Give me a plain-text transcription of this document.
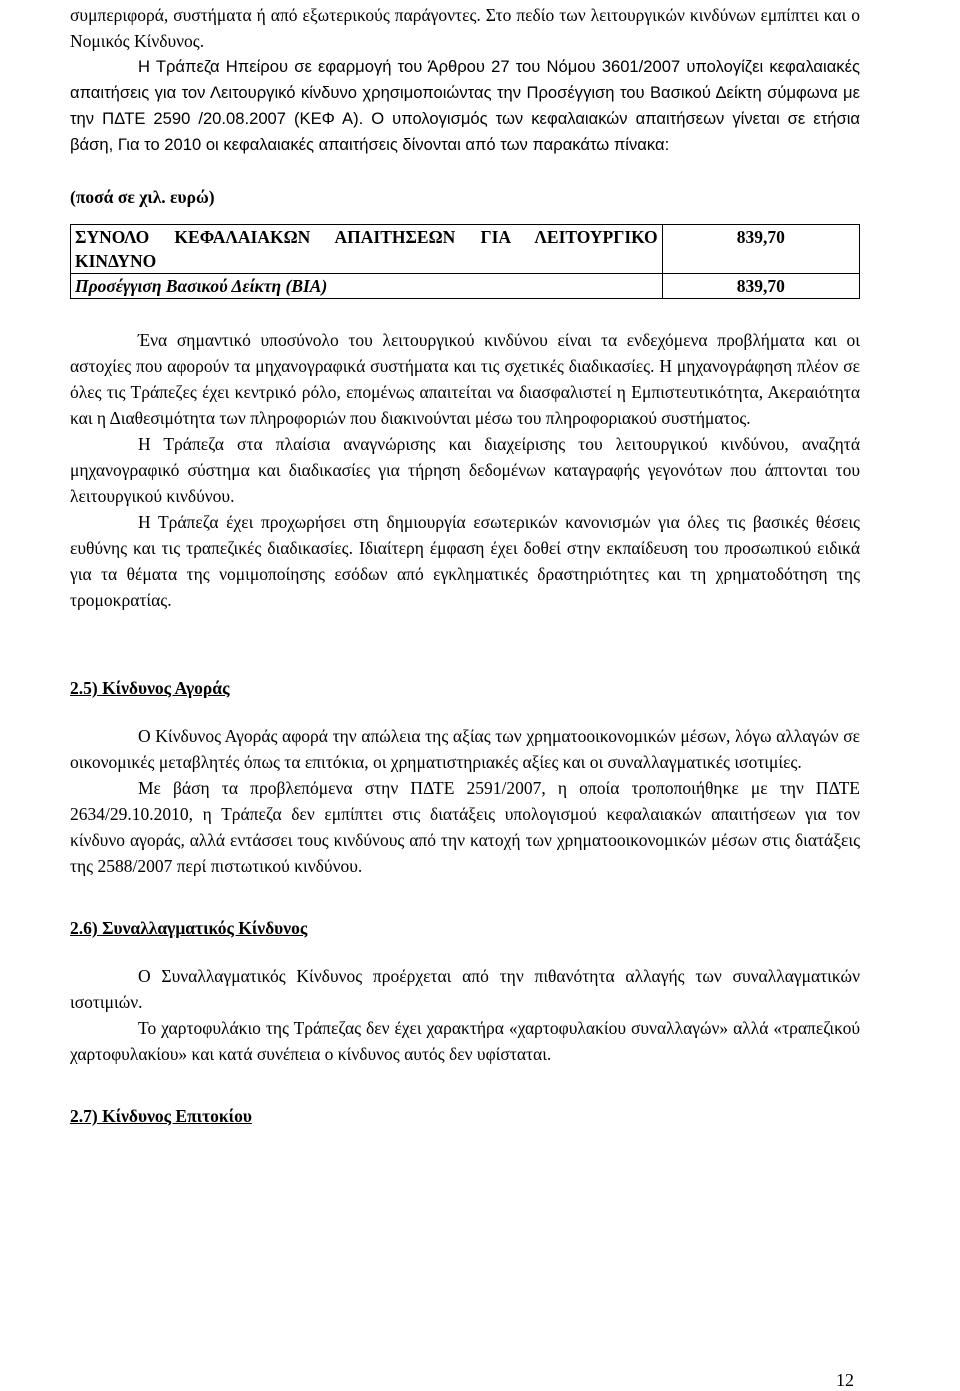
συμπεριφορά, συστήματα ή από εξωτερικούς παράγοντες. Στο πεδίο των λειτουργικών κινδύνων εμπίπτει και ο Νομικός Κίνδυνος.

Η Τράπεζα Ηπείρου σε εφαρμογή του Άρθρου 27 του Νόμου 3601/2007 υπολογίζει κεφαλαιακές απαιτήσεις για τον Λειτουργικό κίνδυνο χρησιμοποιώντας την Προσέγγιση του Βασικού Δείκτη σύμφωνα με την ΠΔΤΕ 2590 /20.08.2007 (ΚΕΦ Α). Ο υπολογισμός των κεφαλαιακών απαιτήσεων γίνεται σε ετήσια βάση, Για το 2010 οι κεφαλαιακές απαιτήσεις δίνονται από των παρακάτω πίνακα:

(ποσά σε χιλ. ευρώ)
ΣΥΝΟΛΟ ΚΕΦΑΛΑΙΑΚΩΝ ΑΠΑΙΤΗΣΕΩΝ ΓΙΑ ΛΕΙΤΟΥΡΓΙΚΟ ΚΙΝΔΥΝΟ	839,70
Προσέγγιση Βασικού Δείκτη (ΒΙΑ)	839,70

Ένα σημαντικό υποσύνολο του λειτουργικού κινδύνου είναι τα ενδεχόμενα προβλήματα και οι αστοχίες που αφορούν τα μηχανογραφικά συστήματα και τις σχετικές διαδικασίες. Η μηχανογράφηση πλέον σε όλες τις Τράπεζες έχει κεντρικό ρόλο, επομένως απαιτείται να διασφαλιστεί η Εμπιστευτικότητα, Ακεραιότητα και η Διαθεσιμότητα των πληροφοριών που διακινούνται μέσω του πληροφοριακού συστήματος.

Η Τράπεζα στα πλαίσια αναγνώρισης και διαχείρισης του λειτουργικού κινδύνου, αναζητά μηχανογραφικό σύστημα και διαδικασίες για τήρηση δεδομένων καταγραφής γεγονότων που άπτονται του λειτουργικού κινδύνου.

Η Τράπεζα έχει προχωρήσει στη δημιουργία εσωτερικών κανονισμών για όλες τις βασικές θέσεις ευθύνης και τις τραπεζικές διαδικασίες. Ιδιαίτερη έμφαση έχει δοθεί στην εκπαίδευση του προσωπικού ειδικά για τα θέματα της νομιμοποίησης εσόδων από εγκληματικές δραστηριότητες και τη χρηματοδότηση της τρομοκρατίας.

2.5) Κίνδυνος Αγοράς

Ο Κίνδυνος Αγοράς αφορά την απώλεια της αξίας των χρηματοοικονομικών μέσων, λόγω αλλαγών σε οικονομικές μεταβλητές όπως τα επιτόκια, οι χρηματιστηριακές αξίες και οι συναλλαγματικές ισοτιμίες.

Με βάση τα προβλεπόμενα στην ΠΔΤΕ 2591/2007, η οποία τροποποιήθηκε με την ΠΔΤΕ 2634/29.10.2010, η Τράπεζα δεν εμπίπτει στις διατάξεις υπολογισμού κεφαλαιακών απαιτήσεων για τον κίνδυνο αγοράς, αλλά εντάσσει τους κινδύνους από την κατοχή των χρηματοοικονομικών μέσων στις διατάξεις της 2588/2007 περί πιστωτικού κινδύνου.

2.6) Συναλλαγματικός Κίνδυνος

Ο Συναλλαγματικός Κίνδυνος προέρχεται από την πιθανότητα αλλαγής των συναλλαγματικών ισοτιμιών.

Το χαρτοφυλάκιο της Τράπεζας δεν έχει χαρακτήρα «χαρτοφυλακίου συναλλαγών» αλλά «τραπεζικού χαρτοφυλακίου» και κατά συνέπεια ο κίνδυνος αυτός δεν υφίσταται.

2.7) Κίνδυνος Επιτοκίου
12
